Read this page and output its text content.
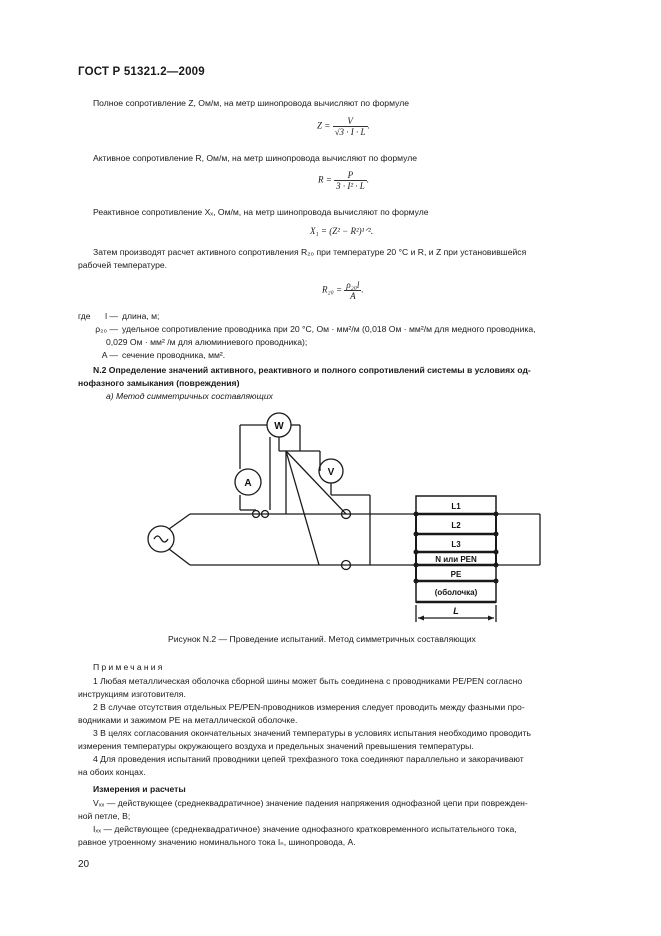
ГОСТ Р 51321.2—2009
Полное сопротивление Z, Ом/м, на метр шинопровода вычисляют по формуле
$Z = \frac{V}{√3 \cdot I \cdot L}$ .
Активное сопротивление R, Ом/м, на метр шинопровода вычисляют по формуле
$R = \frac{P}{\text{3 · I² · L}}$ .
Реактивное сопротивление Xₓ, Ом/м, на метр шинопровода вычисляют по формуле
X₁ = (Z² − R²)¹ᐟ².
Затем производят расчет активного сопротивления R₂₀ при температуре 20 °С и R, и Z при установившейся
рабочей температуре.
$R_{20} = \frac{\text{ρ₂₀l}}{A}$ .
где	l — длина, м;
ρ₂₀ — удельное сопротивление проводника при 20 °С, Ом · мм²/м (0,018 Ом · мм²/м для медного проводника,
0,029 Ом · мм² /м для алюминиевого проводника);
A — сечение проводника, мм².
N.2 Определение значений активного, реактивного и полного сопротивлений системы в условиях од-
нофазного замыкания (повреждения)
а) Метод симметричных составляющих
W
A
V
L1
L2
L3
N или PEN
PE
(оболочка)
L
Рисунок N.2 — Проведение испытаний. Метод симметричных составляющих
Примечания
1 Любая металлическая оболочка сборной шины может быть соединена с проводниками PE/PEN согласно
инструкциям изготовителя.
2 В случае отсутствия отдельных PE/PEN-проводников измерения следует проводить между фазными про-
водниками и зажимом PE на металлической оболочке.
3 В целях согласования окончательных значений температуры в условиях испытания необходимо проводить
измерения температуры окружающего воздуха и предельных значений превышения температуры.
4 Для проведения испытаний проводники цепей трехфазного тока соединяют параллельно и закорачивают
на обоих концах.
Измерения и расчеты
Vₓₓ — действующее (среднеквадратичное) значение падения напряжения однофазной цепи при поврежден-
ной петле, В;
Iₓₓ — действующее (среднеквадратичное) значение однофазного кратковременного испытательного тока,
равное утроенному значению номинального тока Iₙ, шинопровода, А.
20
